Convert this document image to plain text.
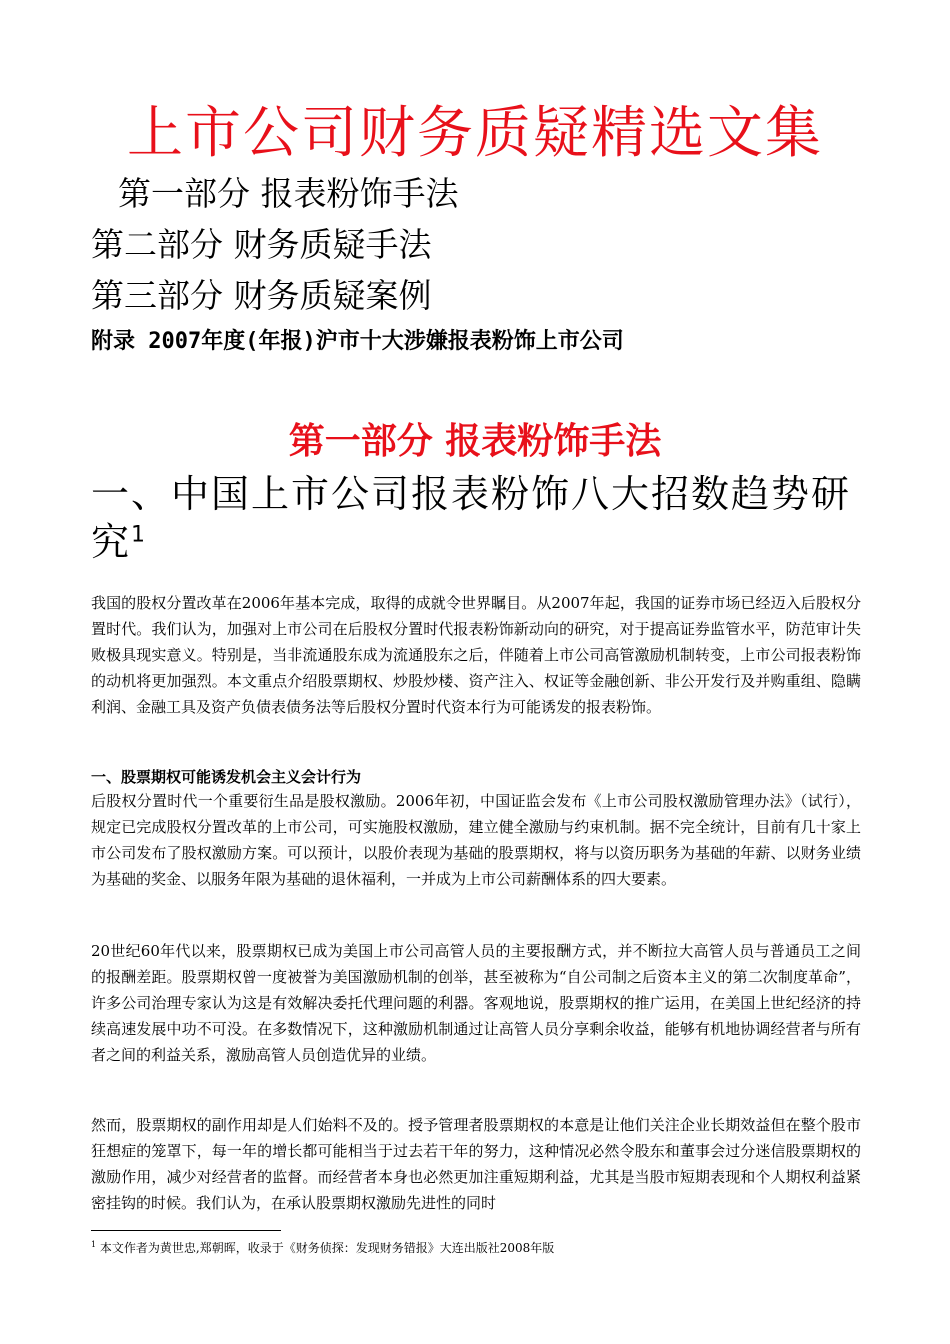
上市公司财务质疑精选文集
第一部分 报表粉饰手法
第二部分 财务质疑手法
第三部分 财务质疑案例
附录 2007年度(年报)沪市十大涉嫌报表粉饰上市公司
第一部分 报表粉饰手法
一、中国上市公司报表粉饰八大招数趋势研究$^1$
我国的股权分置改革在2006年基本完成，取得的成就令世界瞩目。从2007年起，我国的证券市场已经迈入后股权分置时代。我们认为，加强对上市公司在后股权分置时代报表粉饰新动向的研究，对于提高证券监管水平，防范审计失败极具现实意义。特别是，当非流通股东成为流通股东之后，伴随着上市公司高管激励机制转变，上市公司报表粉饰的动机将更加强烈。本文重点介绍股票期权、炒股炒楼、资产注入、权证等金融创新、非公开发行及并购重组、隐瞒利润、金融工具及资产负债表债务法等后股权分置时代资本行为可能诱发的报表粉饰。
一、股票期权可能诱发机会主义会计行为
后股权分置时代一个重要衍生品是股权激励。2006年初，中国证监会发布《上市公司股权激励管理办法》（试行），规定已完成股权分置改革的上市公司，可实施股权激励，建立健全激励与约束机制。据不完全统计，目前有几十家上市公司发布了股权激励方案。可以预计，以股价表现为基础的股票期权，将与以资历职务为基础的年薪、以财务业绩为基础的奖金、以服务年限为基础的退休福利，一并成为上市公司薪酬体系的四大要素。
20世纪60年代以来，股票期权已成为美国上市公司高管人员的主要报酬方式，并不断拉大高管人员与普通员工之间的报酬差距。股票期权曾一度被誉为美国激励机制的创举，甚至被称为“自公司制之后资本主义的第二次制度革命”，许多公司治理专家认为这是有效解决委托代理问题的利器。客观地说，股票期权的推广运用，在美国上世纪经济的持续高速发展中功不可没。在多数情况下，这种激励机制通过让高管人员分享剩余收益，能够有机地协调经营者与所有者之间的利益关系，激励高管人员创造优异的业绩。
然而，股票期权的副作用却是人们始料不及的。授予管理者股票期权的本意是让他们关注企业长期效益但在整个股市狂想症的笼罩下，每一年的增长都可能相当于过去若干年的努力，这种情况必然令股东和董事会过分迷信股票期权的激励作用，减少对经营者的监督。而经营者本身也必然更加注重短期利益，尤其是当股市短期表现和个人期权利益紧密挂钩的时候。我们认为，在承认股票期权激励先进性的同时
$^1$ 本文作者为黄世忠,郑朝晖，收录于《财务侦探：发现财务错报》大连出版社2008年版
